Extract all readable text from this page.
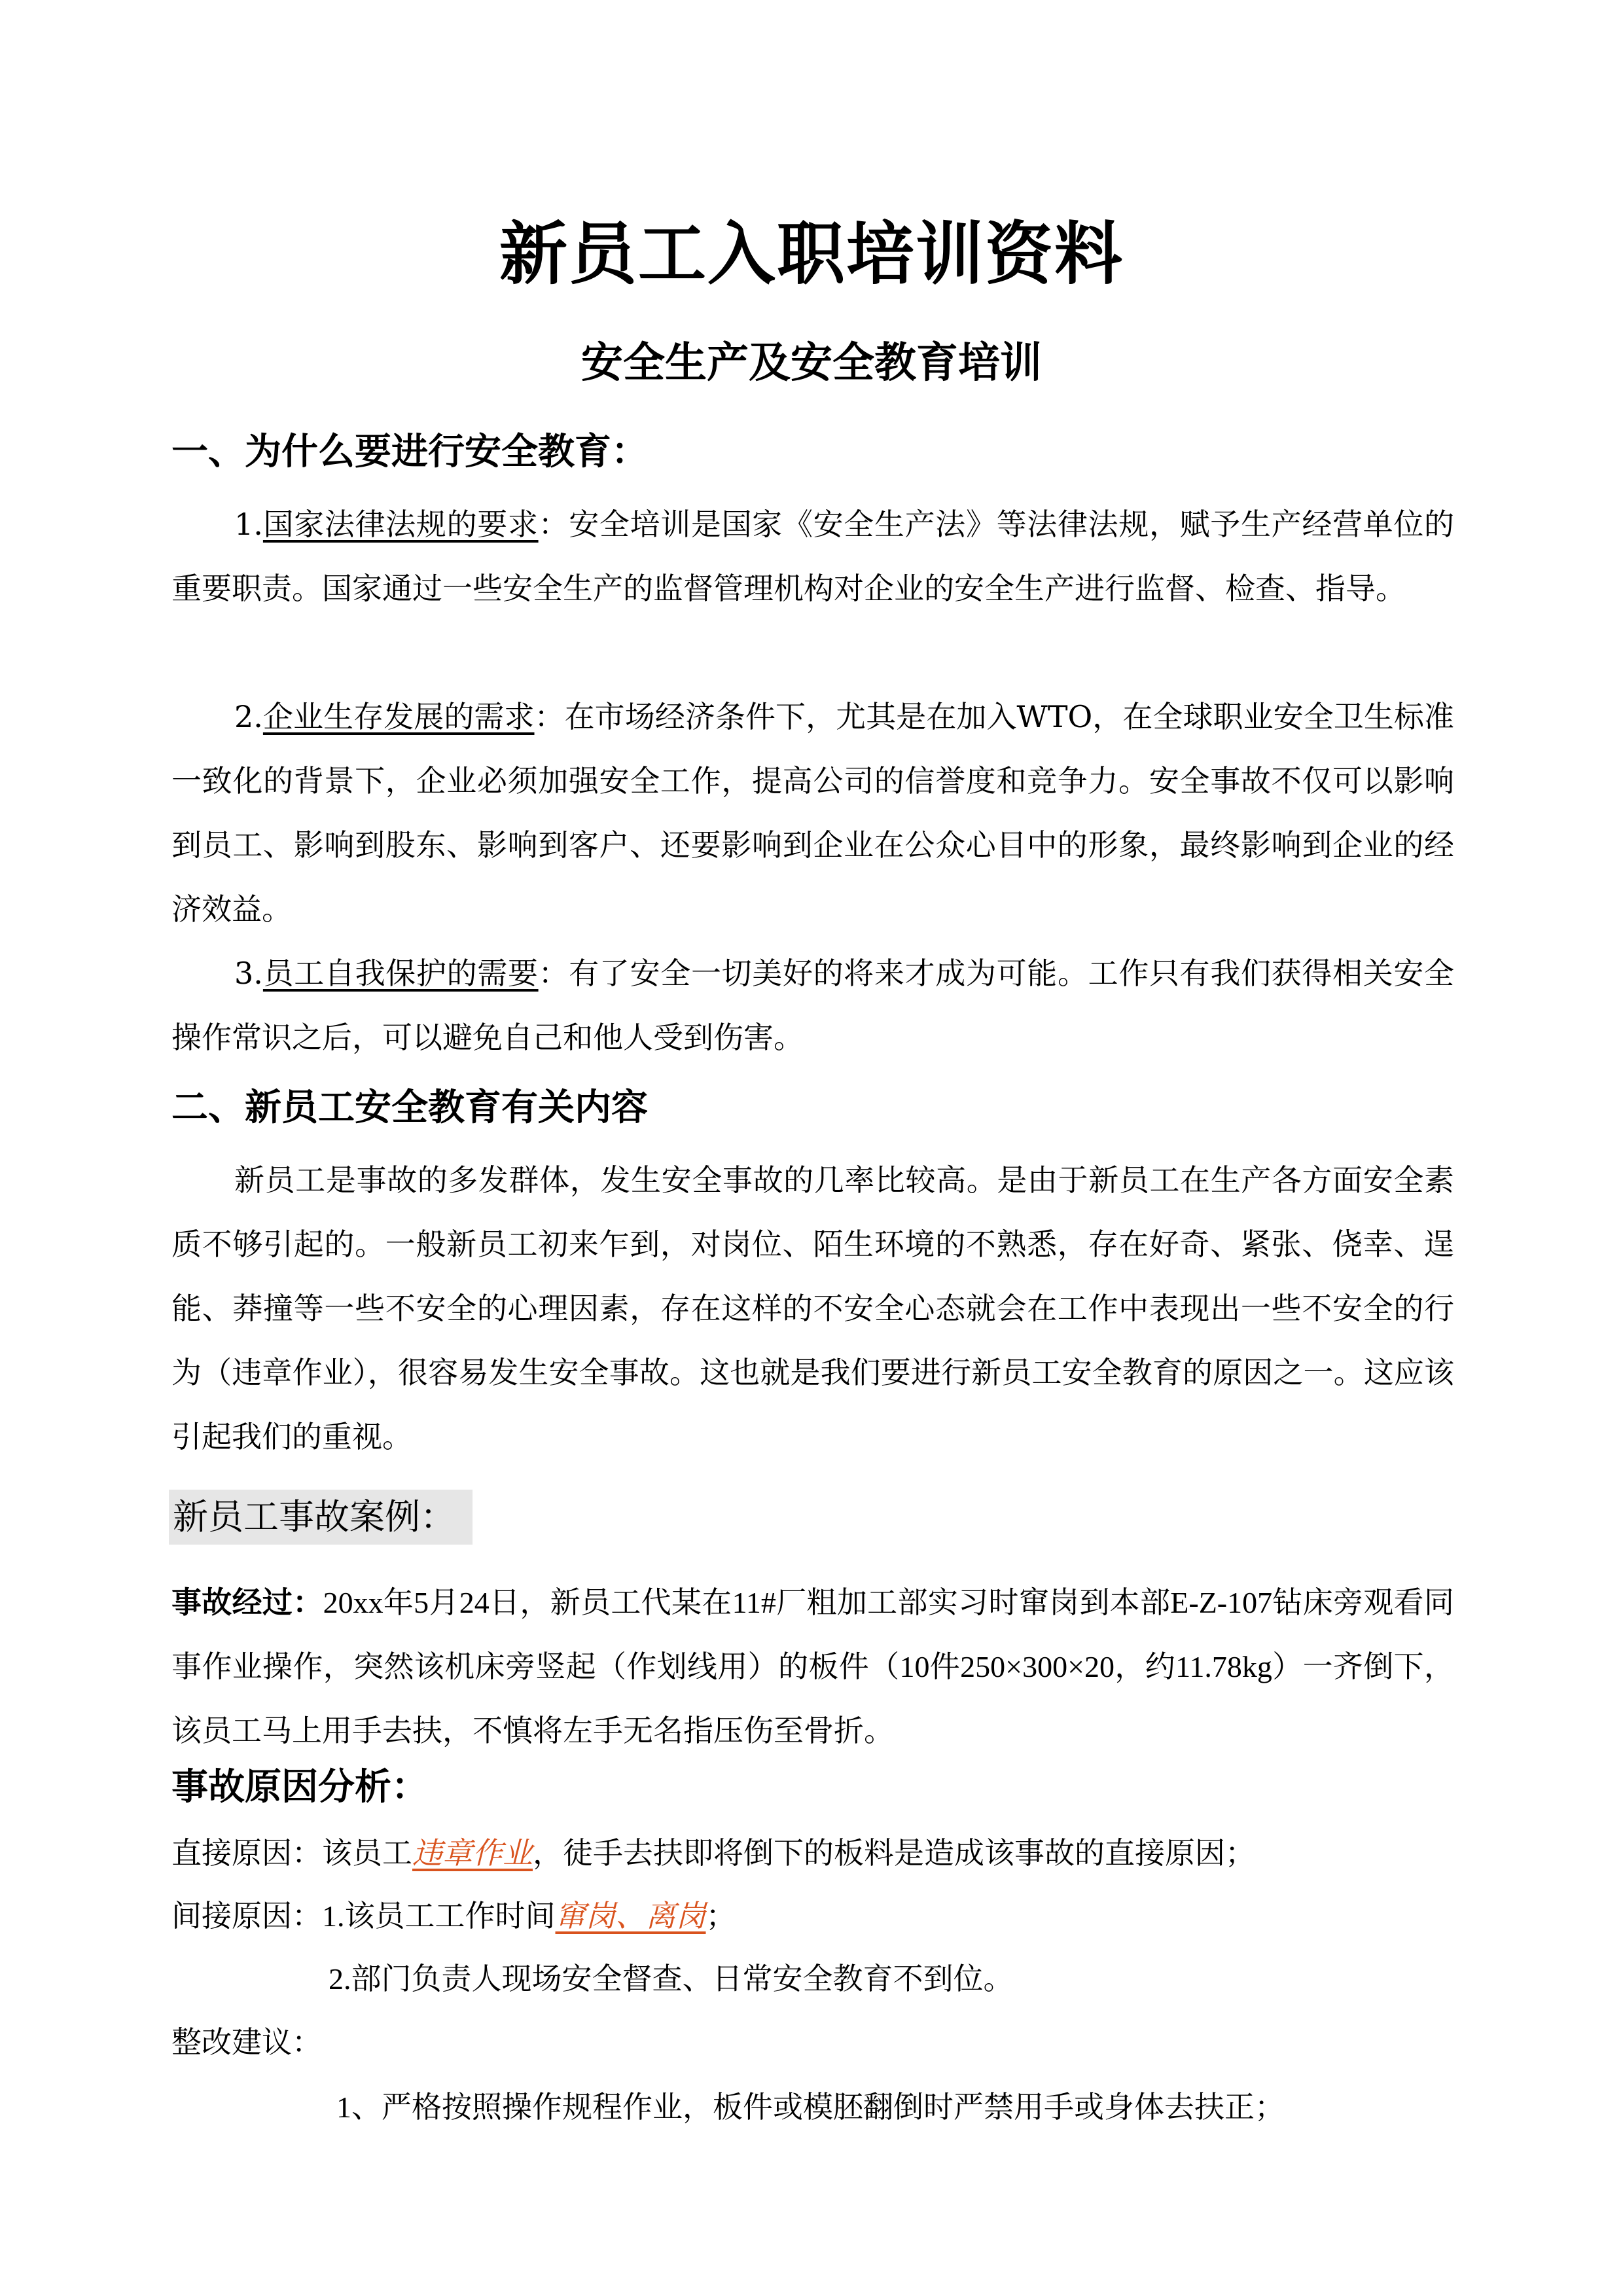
新员工入职培训资料
安全生产及安全教育培训
一、为什么要进行安全教育：
1.国家法律法规的要求：安全培训是国家《安全生产法》等法律法规，赋予生产经营单位的重要职责。国家通过一些安全生产的监督管理机构对企业的安全生产进行监督、检查、指导。
2.企业生存发展的需求：在市场经济条件下，尤其是在加入WTO，在全球职业安全卫生标准一致化的背景下，企业必须加强安全工作，提高公司的信誉度和竞争力。安全事故不仅可以影响到员工、影响到股东、影响到客户、还要影响到企业在公众心目中的形象，最终影响到企业的经济效益。
3.员工自我保护的需要：有了安全一切美好的将来才成为可能。工作只有我们获得相关安全操作常识之后，可以避免自己和他人受到伤害。
二、新员工安全教育有关内容
新员工是事故的多发群体，发生安全事故的几率比较高。是由于新员工在生产各方面安全素质不够引起的。一般新员工初来乍到，对岗位、陌生环境的不熟悉，存在好奇、紧张、侥幸、逞能、莽撞等一些不安全的心理因素，存在这样的不安全心态就会在工作中表现出一些不安全的行为（违章作业），很容易发生安全事故。这也就是我们要进行新员工安全教育的原因之一。这应该引起我们的重视。
新员工事故案例：
事故经过：20xx年5月24日，新员工代某在11#厂粗加工部实习时窜岗到本部E-Z-107钻床旁观看同事作业操作，突然该机床旁竖起（作划线用）的板件（10件250×300×20，约11.78kg）一齐倒下，该员工马上用手去扶，不慎将左手无名指压伤至骨折。
事故原因分析：
直接原因：该员工违章作业，徒手去扶即将倒下的板料是造成该事故的直接原因；
间接原因：1.该员工工作时间窜岗、离岗；
2.部门负责人现场安全督查、日常安全教育不到位。
整改建议：
1、严格按照操作规程作业，板件或模胚翻倒时严禁用手或身体去扶正；
